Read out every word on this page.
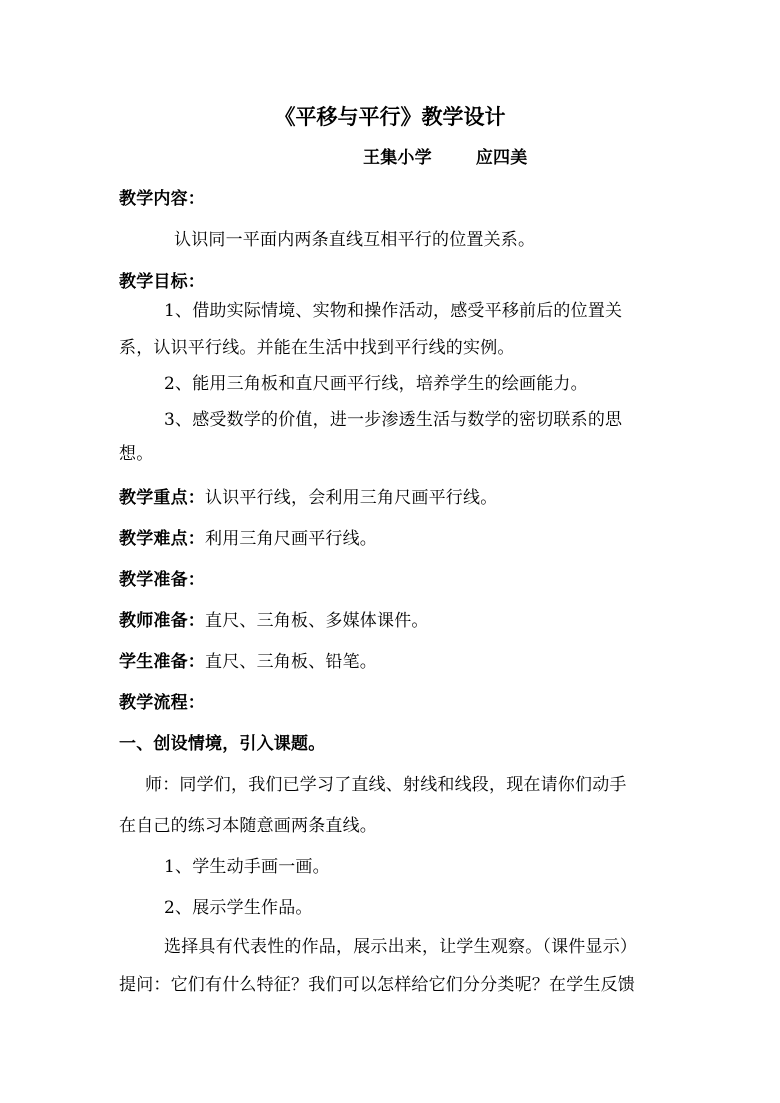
《平移与平行》教学设计
王集小学	应四美
教学内容：
认识同一平面内两条直线互相平行的位置关系。
教学目标：
1、借助实际情境、实物和操作活动，感受平移前后的位置关
系，认识平行线。并能在生活中找到平行线的实例。
2、能用三角板和直尺画平行线，培养学生的绘画能力。
3、感受数学的价值，进一步渗透生活与数学的密切联系的思
想。
教学重点：认识平行线，会利用三角尺画平行线。
教学难点：利用三角尺画平行线。
教学准备：
教师准备：直尺、三角板、多媒体课件。
学生准备：直尺、三角板、铅笔。
教学流程：
一、创设情境，引入课题。
师：同学们，我们已学习了直线、射线和线段，现在请你们动手
在自己的练习本随意画两条直线。
1、学生动手画一画。
2、展示学生作品。
选择具有代表性的作品，展示出来，让学生观察。（课件显示）
提问：它们有什么特征？我们可以怎样给它们分分类呢？在学生反馈
